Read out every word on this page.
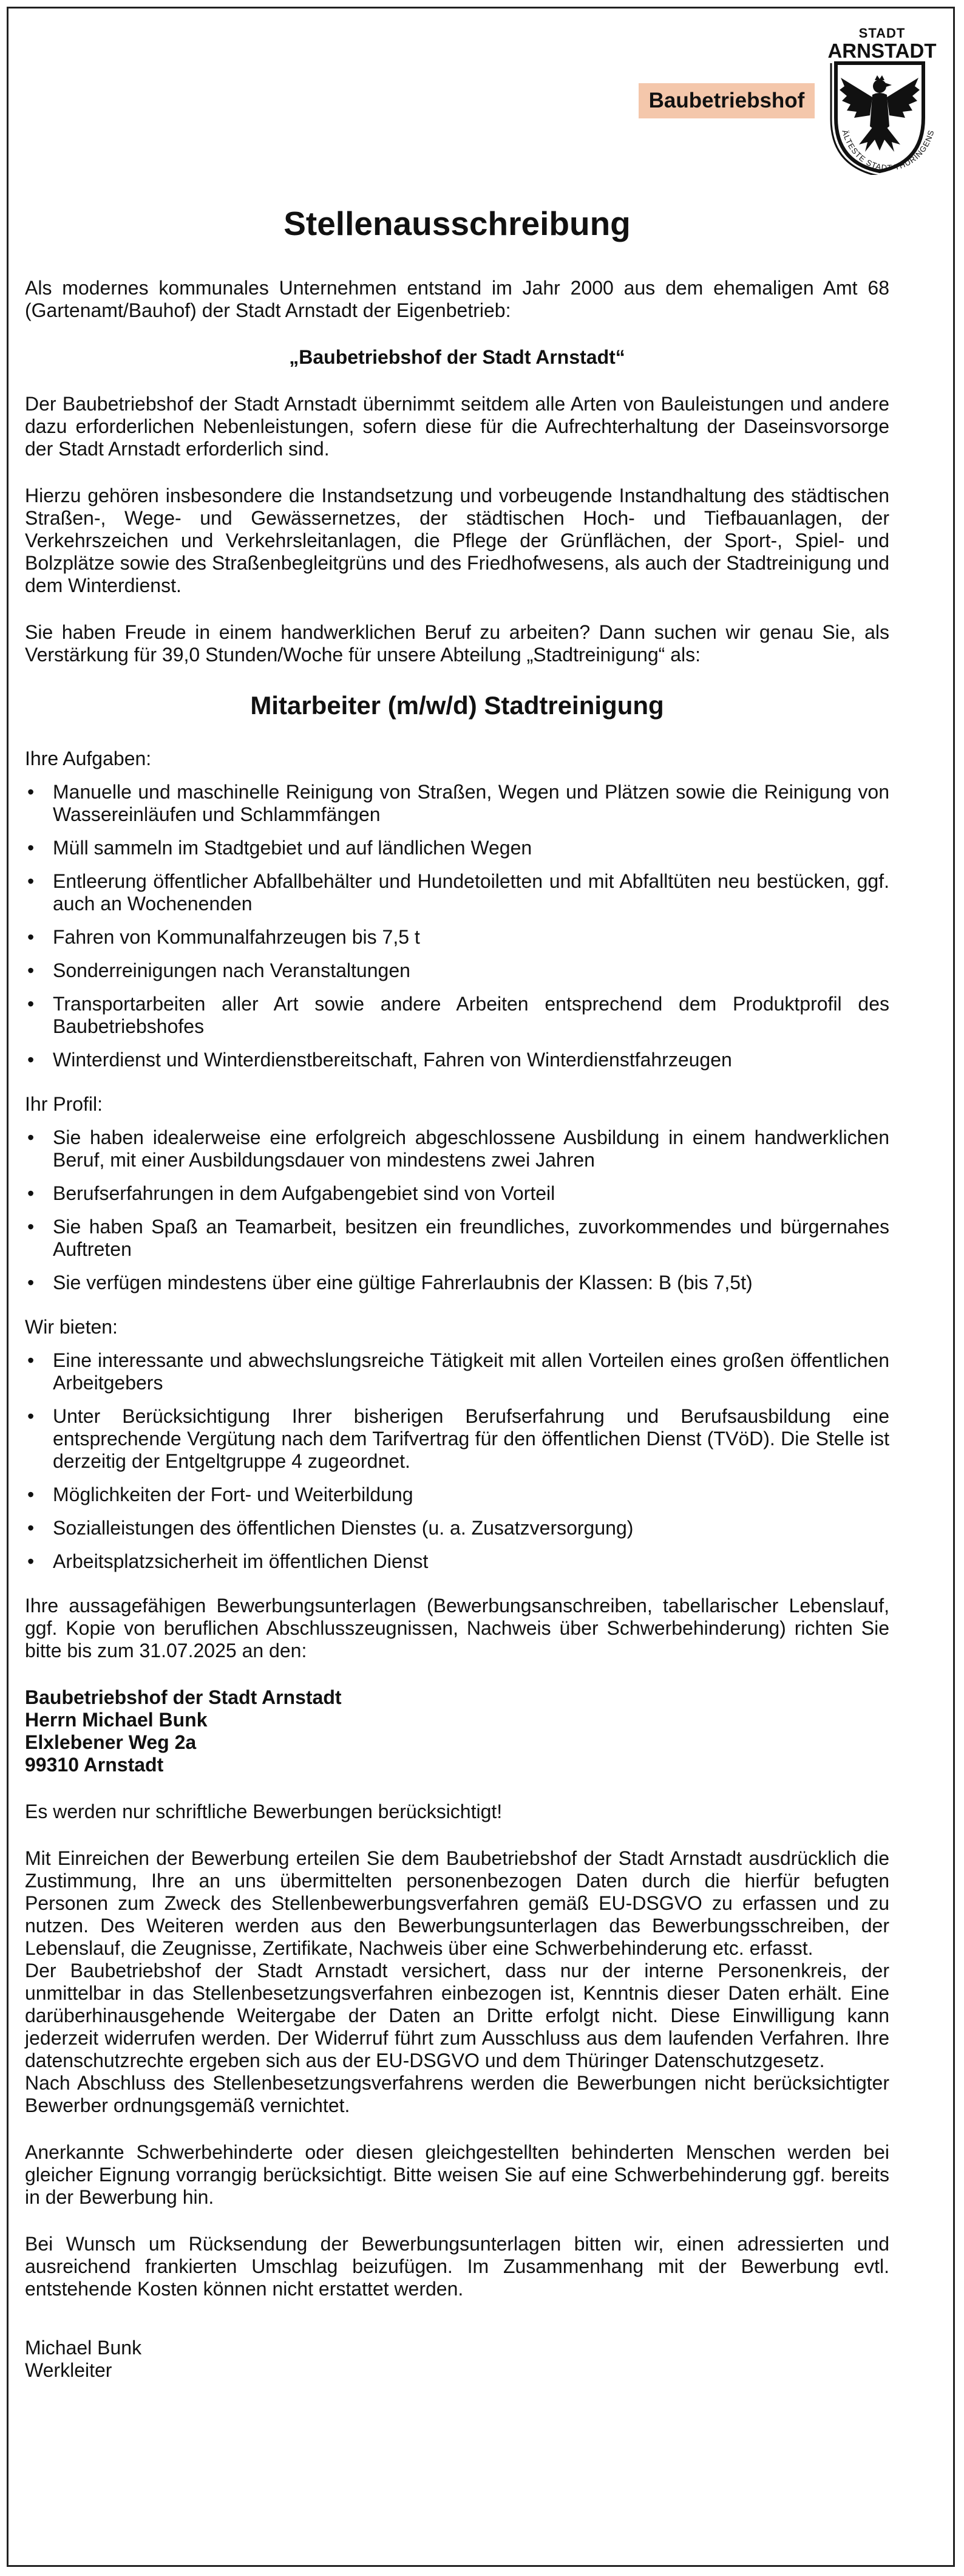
Baubetriebshof
STADT
ARNSTADT
ÄLTESTE STADT THÜRINGENS
Stellenausschreibung

Als modernes kommunales Unternehmen entstand im Jahr 2000 aus dem ehemaligen Amt 68 (Gartenamt/Bauhof) der Stadt Arnstadt der Eigenbetrieb:

„Baubetriebshof der Stadt Arnstadt“

Der Baubetriebshof der Stadt Arnstadt übernimmt seitdem alle Arten von Bauleistungen und andere dazu erforderlichen Nebenleistungen, sofern diese für die Aufrechterhaltung der Daseinsvorsorge der Stadt Arnstadt erforderlich sind.

Hierzu gehören insbesondere die Instandsetzung und vorbeugende Instandhaltung des städtischen Straßen-, Wege- und Gewässernetzes, der städtischen Hoch- und Tiefbauanlagen, der Verkehrszeichen und Verkehrsleitanlagen, die Pflege der Grünflächen, der Sport-, Spiel- und Bolzplätze sowie des Straßenbegleitgrüns und des Friedhofwesens, als auch der Stadtreinigung und dem Winterdienst.

Sie haben Freude in einem handwerklichen Beruf zu arbeiten? Dann suchen wir genau Sie, als Verstärkung für 39,0 Stunden/Woche für unsere Abteilung „Stadtreinigung“ als:

Mitarbeiter (m/w/d) Stadtreinigung

Ihre Aufgaben:

• Manuelle und maschinelle Reinigung von Straßen, Wegen und Plätzen sowie die Reinigung von Wassereinläufen und Schlammfängen
• Müll sammeln im Stadtgebiet und auf ländlichen Wegen
• Entleerung öffentlicher Abfallbehälter und Hundetoiletten und mit Abfalltüten neu bestücken, ggf. auch an Wochenenden
• Fahren von Kommunalfahrzeugen bis 7,5 t
• Sonderreinigungen nach Veranstaltungen
• Transportarbeiten aller Art sowie andere Arbeiten entsprechend dem Produktprofil des Baubetriebshofes
• Winterdienst und Winterdienstbereitschaft, Fahren von Winterdienstfahrzeugen

Ihr Profil:

• Sie haben idealerweise eine erfolgreich abgeschlossene Ausbildung in einem handwerklichen Beruf, mit einer Ausbildungsdauer von mindestens zwei Jahren
• Berufserfahrungen in dem Aufgabengebiet sind von Vorteil
• Sie haben Spaß an Teamarbeit, besitzen ein freundliches, zuvorkommendes und bürgernahes Auftreten
• Sie verfügen mindestens über eine gültige Fahrerlaubnis der Klassen: B (bis 7,5t)

Wir bieten:

• Eine interessante und abwechslungsreiche Tätigkeit mit allen Vorteilen eines großen öffentlichen Arbeitgebers
• Unter Berücksichtigung Ihrer bisherigen Berufserfahrung und Berufsausbildung eine entsprechende Vergütung nach dem Tarifvertrag für den öffentlichen Dienst (TVöD). Die Stelle ist derzeitig der Entgeltgruppe 4 zugeordnet.
• Möglichkeiten der Fort- und Weiterbildung
• Sozialleistungen des öffentlichen Dienstes (u. a. Zusatzversorgung)
• Arbeitsplatzsicherheit im öffentlichen Dienst

Ihre aussagefähigen Bewerbungsunterlagen (Bewerbungsanschreiben, tabellarischer Lebenslauf, ggf. Kopie von beruflichen Abschlusszeugnissen, Nachweis über Schwerbehinderung) richten Sie bitte bis zum 31.07.2025 an den:

Baubetriebshof der Stadt Arnstadt
Herrn Michael Bunk
Elxlebener Weg 2a
99310 Arnstadt

Es werden nur schriftliche Bewerbungen berücksichtigt!

Mit Einreichen der Bewerbung erteilen Sie dem Baubetriebshof der Stadt Arnstadt ausdrücklich die Zustimmung, Ihre an uns übermittelten personenbezogen Daten durch die hierfür befugten Personen zum Zweck des Stellenbewerbungsverfahren gemäß EU-DSGVO zu erfassen und zu nutzen. Des Weiteren werden aus den Bewerbungsunterlagen das Bewerbungsschreiben, der Lebenslauf, die Zeugnisse, Zertifikate, Nachweis über eine Schwerbehinderung etc. erfasst.

Der Baubetriebshof der Stadt Arnstadt versichert, dass nur der interne Personenkreis, der unmittelbar in das Stellenbesetzungsverfahren einbezogen ist, Kenntnis dieser Daten erhält. Eine darüberhinausgehende Weitergabe der Daten an Dritte erfolgt nicht. Diese Einwilligung kann jederzeit widerrufen werden. Der Widerruf führt zum Ausschluss aus dem laufenden Verfahren. Ihre datenschutzrechte ergeben sich aus der EU-DSGVO und dem Thüringer Datenschutzgesetz.

Nach Abschluss des Stellenbesetzungsverfahrens werden die Bewerbungen nicht berücksichtigter Bewerber ordnungsgemäß vernichtet.

Anerkannte Schwerbehinderte oder diesen gleichgestellten behinderten Menschen werden bei gleicher Eignung vorrangig berücksichtigt. Bitte weisen Sie auf eine Schwerbehinderung ggf. bereits in der Bewerbung hin.

Bei Wunsch um Rücksendung der Bewerbungsunterlagen bitten wir, einen adressierten und ausreichend frankierten Umschlag beizufügen. Im Zusammenhang mit der Bewerbung evtl. entstehende Kosten können nicht erstattet werden.

Michael Bunk
Werkleiter
